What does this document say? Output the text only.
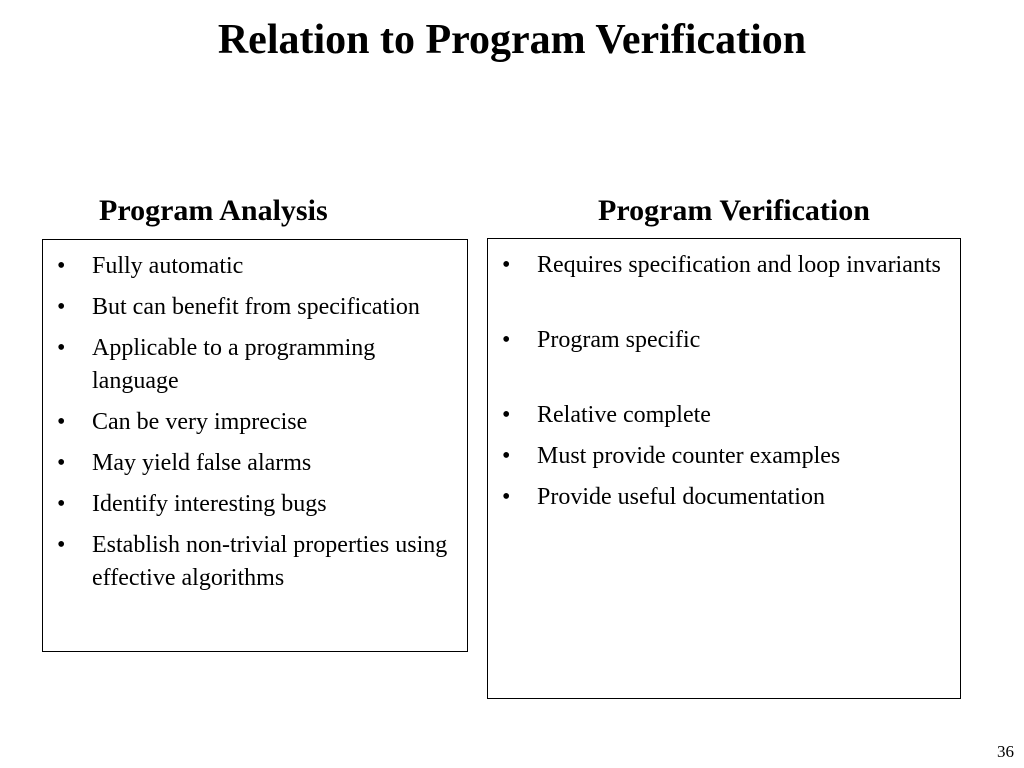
Relation to Program Verification
Program Analysis	Program Verification
• Fully automatic
• But can benefit from specification
• Applicable to a programming language
• Can be very imprecise
• May yield false alarms
• Identify interesting bugs
• Establish non-trivial properties using effective algorithms
• Requires specification and loop invariants
• Program specific
• Relative complete
• Must provide counter examples
• Provide useful documentation
36
